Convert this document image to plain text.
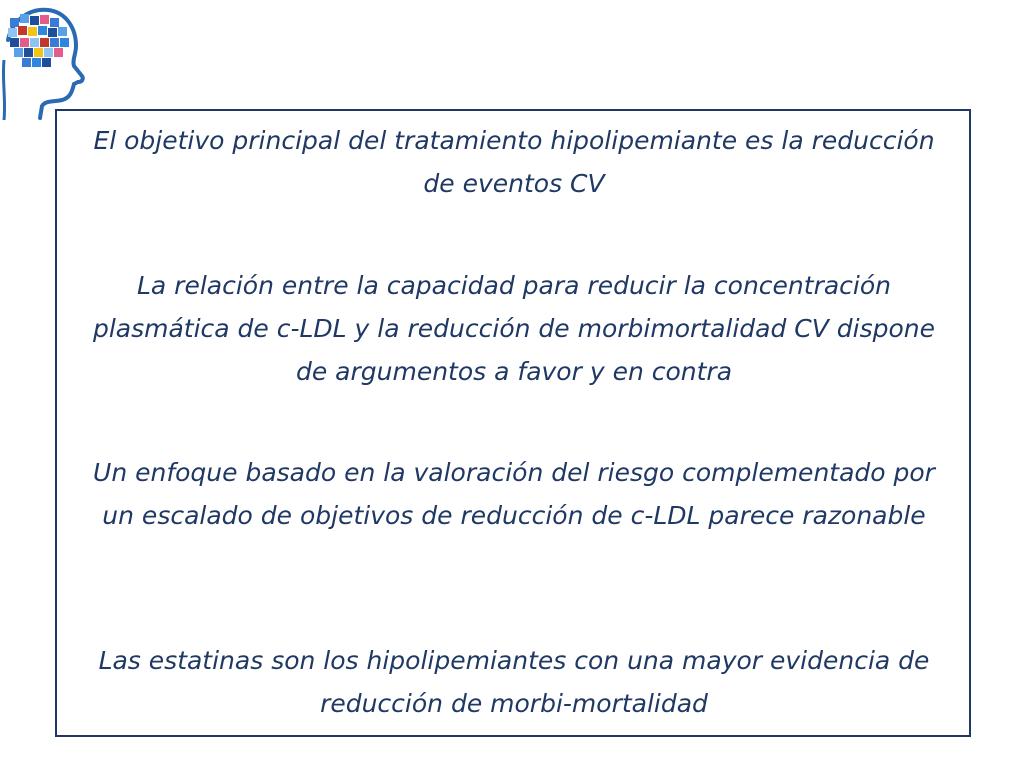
El objetivo principal del tratamiento hipolipemiante es la reducción de eventos CV

La relación entre la capacidad para reducir la concentración plasmática de c-LDL y la reducción de morbimortalidad CV dispone de argumentos a favor y en contra

Un enfoque basado en la valoración del riesgo complementado por un escalado de objetivos de reducción de c-LDL parece razonable

Las estatinas son los hipolipemiantes con una mayor evidencia de reducción de morbi-mortalidad
